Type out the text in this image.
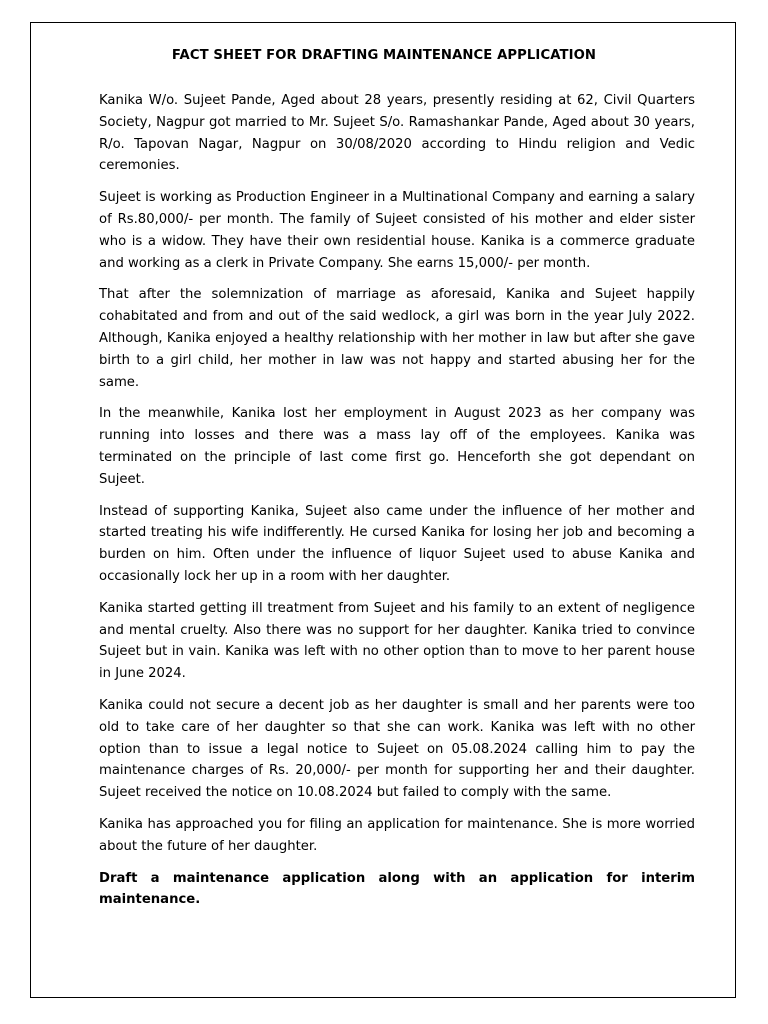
FACT SHEET FOR DRAFTING MAINTENANCE APPLICATION

Kanika W/o. Sujeet Pande, Aged about 28 years, presently residing at 62, Civil Quarters Society, Nagpur got married to Mr. Sujeet S/o. Ramashankar Pande, Aged about 30 years, R/o. Tapovan Nagar, Nagpur on 30/08/2020 according to Hindu religion and Vedic ceremonies.

Sujeet is working as Production Engineer in a Multinational Company and earning a salary of Rs.80,000/- per month. The family of Sujeet consisted of his mother and elder sister who is a widow. They have their own residential house. Kanika is a commerce graduate and working as a clerk in Private Company. She earns 15,000/- per month.

That after the solemnization of marriage as aforesaid, Kanika and Sujeet happily cohabitated and from and out of the said wedlock, a girl was born in the year July 2022. Although, Kanika enjoyed a healthy relationship with her mother in law but after she gave birth to a girl child, her mother in law was not happy and started abusing her for the same.

In the meanwhile, Kanika lost her employment in August 2023 as her company was running into losses and there was a mass lay off of the employees. Kanika was terminated on the principle of last come first go. Henceforth she got dependant on Sujeet.

Instead of supporting Kanika, Sujeet also came under the influence of her mother and started treating his wife indifferently. He cursed Kanika for losing her job and becoming a burden on him. Often under the influence of liquor Sujeet used to abuse Kanika and occasionally lock her up in a room with her daughter.

Kanika started getting ill treatment from Sujeet and his family to an extent of negligence and mental cruelty. Also there was no support for her daughter. Kanika tried to convince Sujeet but in vain. Kanika was left with no other option than to move to her parent house in June 2024.

Kanika could not secure a decent job as her daughter is small and her parents were too old to take care of her daughter so that she can work. Kanika was left with no other option than to issue a legal notice to Sujeet on 05.08.2024 calling him to pay the maintenance charges of Rs. 20,000/- per month for supporting her and their daughter. Sujeet received the notice on 10.08.2024 but failed to comply with the same.

Kanika has approached you for filing an application for maintenance. She is more worried about the future of her daughter.

Draft a maintenance application along with an application for interim maintenance.
